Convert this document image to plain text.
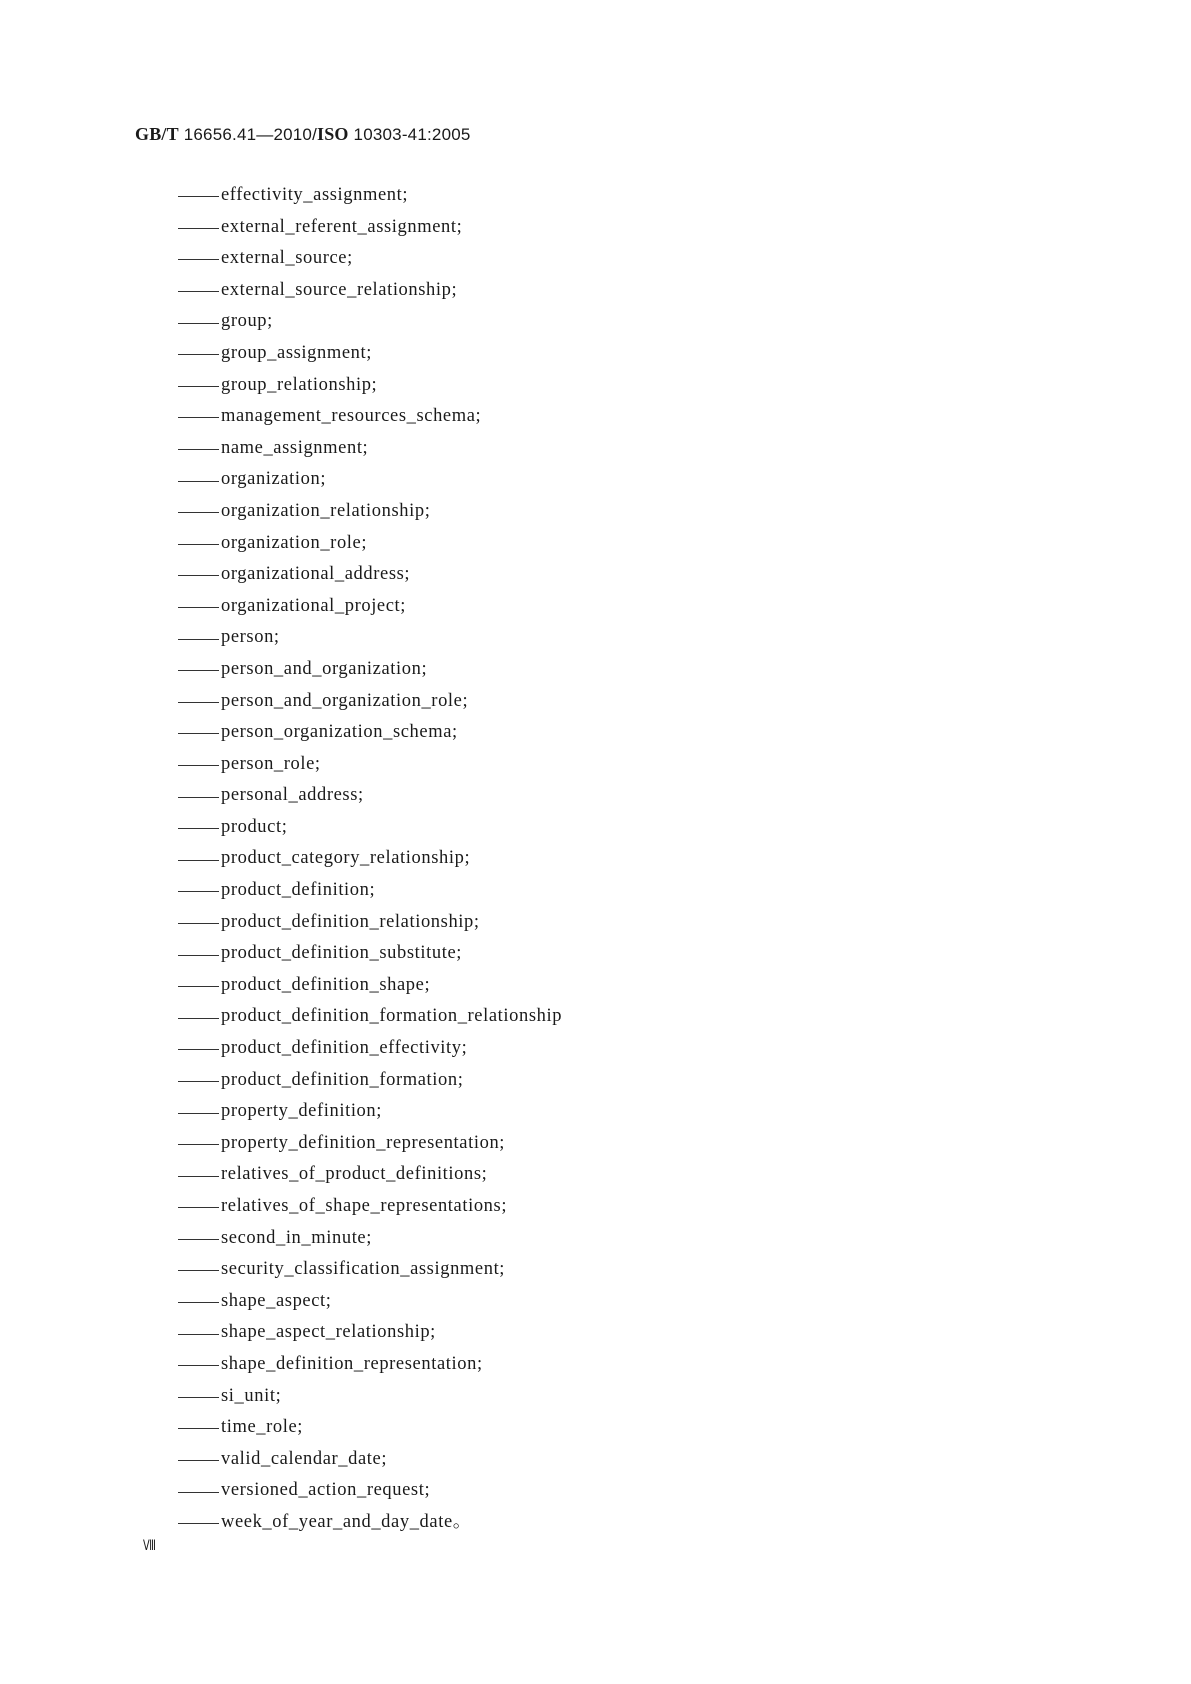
GB/T 16656.41—2010/ISO 10303-41:2005
effectivity_assignment;
external_referent_assignment;
external_source;
external_source_relationship;
group;
group_assignment;
group_relationship;
management_resources_schema;
name_assignment;
organization;
organization_relationship;
organization_role;
organizational_address;
organizational_project;
person;
person_and_organization;
person_and_organization_role;
person_organization_schema;
person_role;
personal_address;
product;
product_category_relationship;
product_definition;
product_definition_relationship;
product_definition_substitute;
product_definition_shape;
product_definition_formation_relationship
product_definition_effectivity;
product_definition_formation;
property_definition;
property_definition_representation;
relatives_of_product_definitions;
relatives_of_shape_representations;
second_in_minute;
security_classification_assignment;
shape_aspect;
shape_aspect_relationship;
shape_definition_representation;
si_unit;
time_role;
valid_calendar_date;
versioned_action_request;
week_of_year_and_day_date。
Ⅷ
